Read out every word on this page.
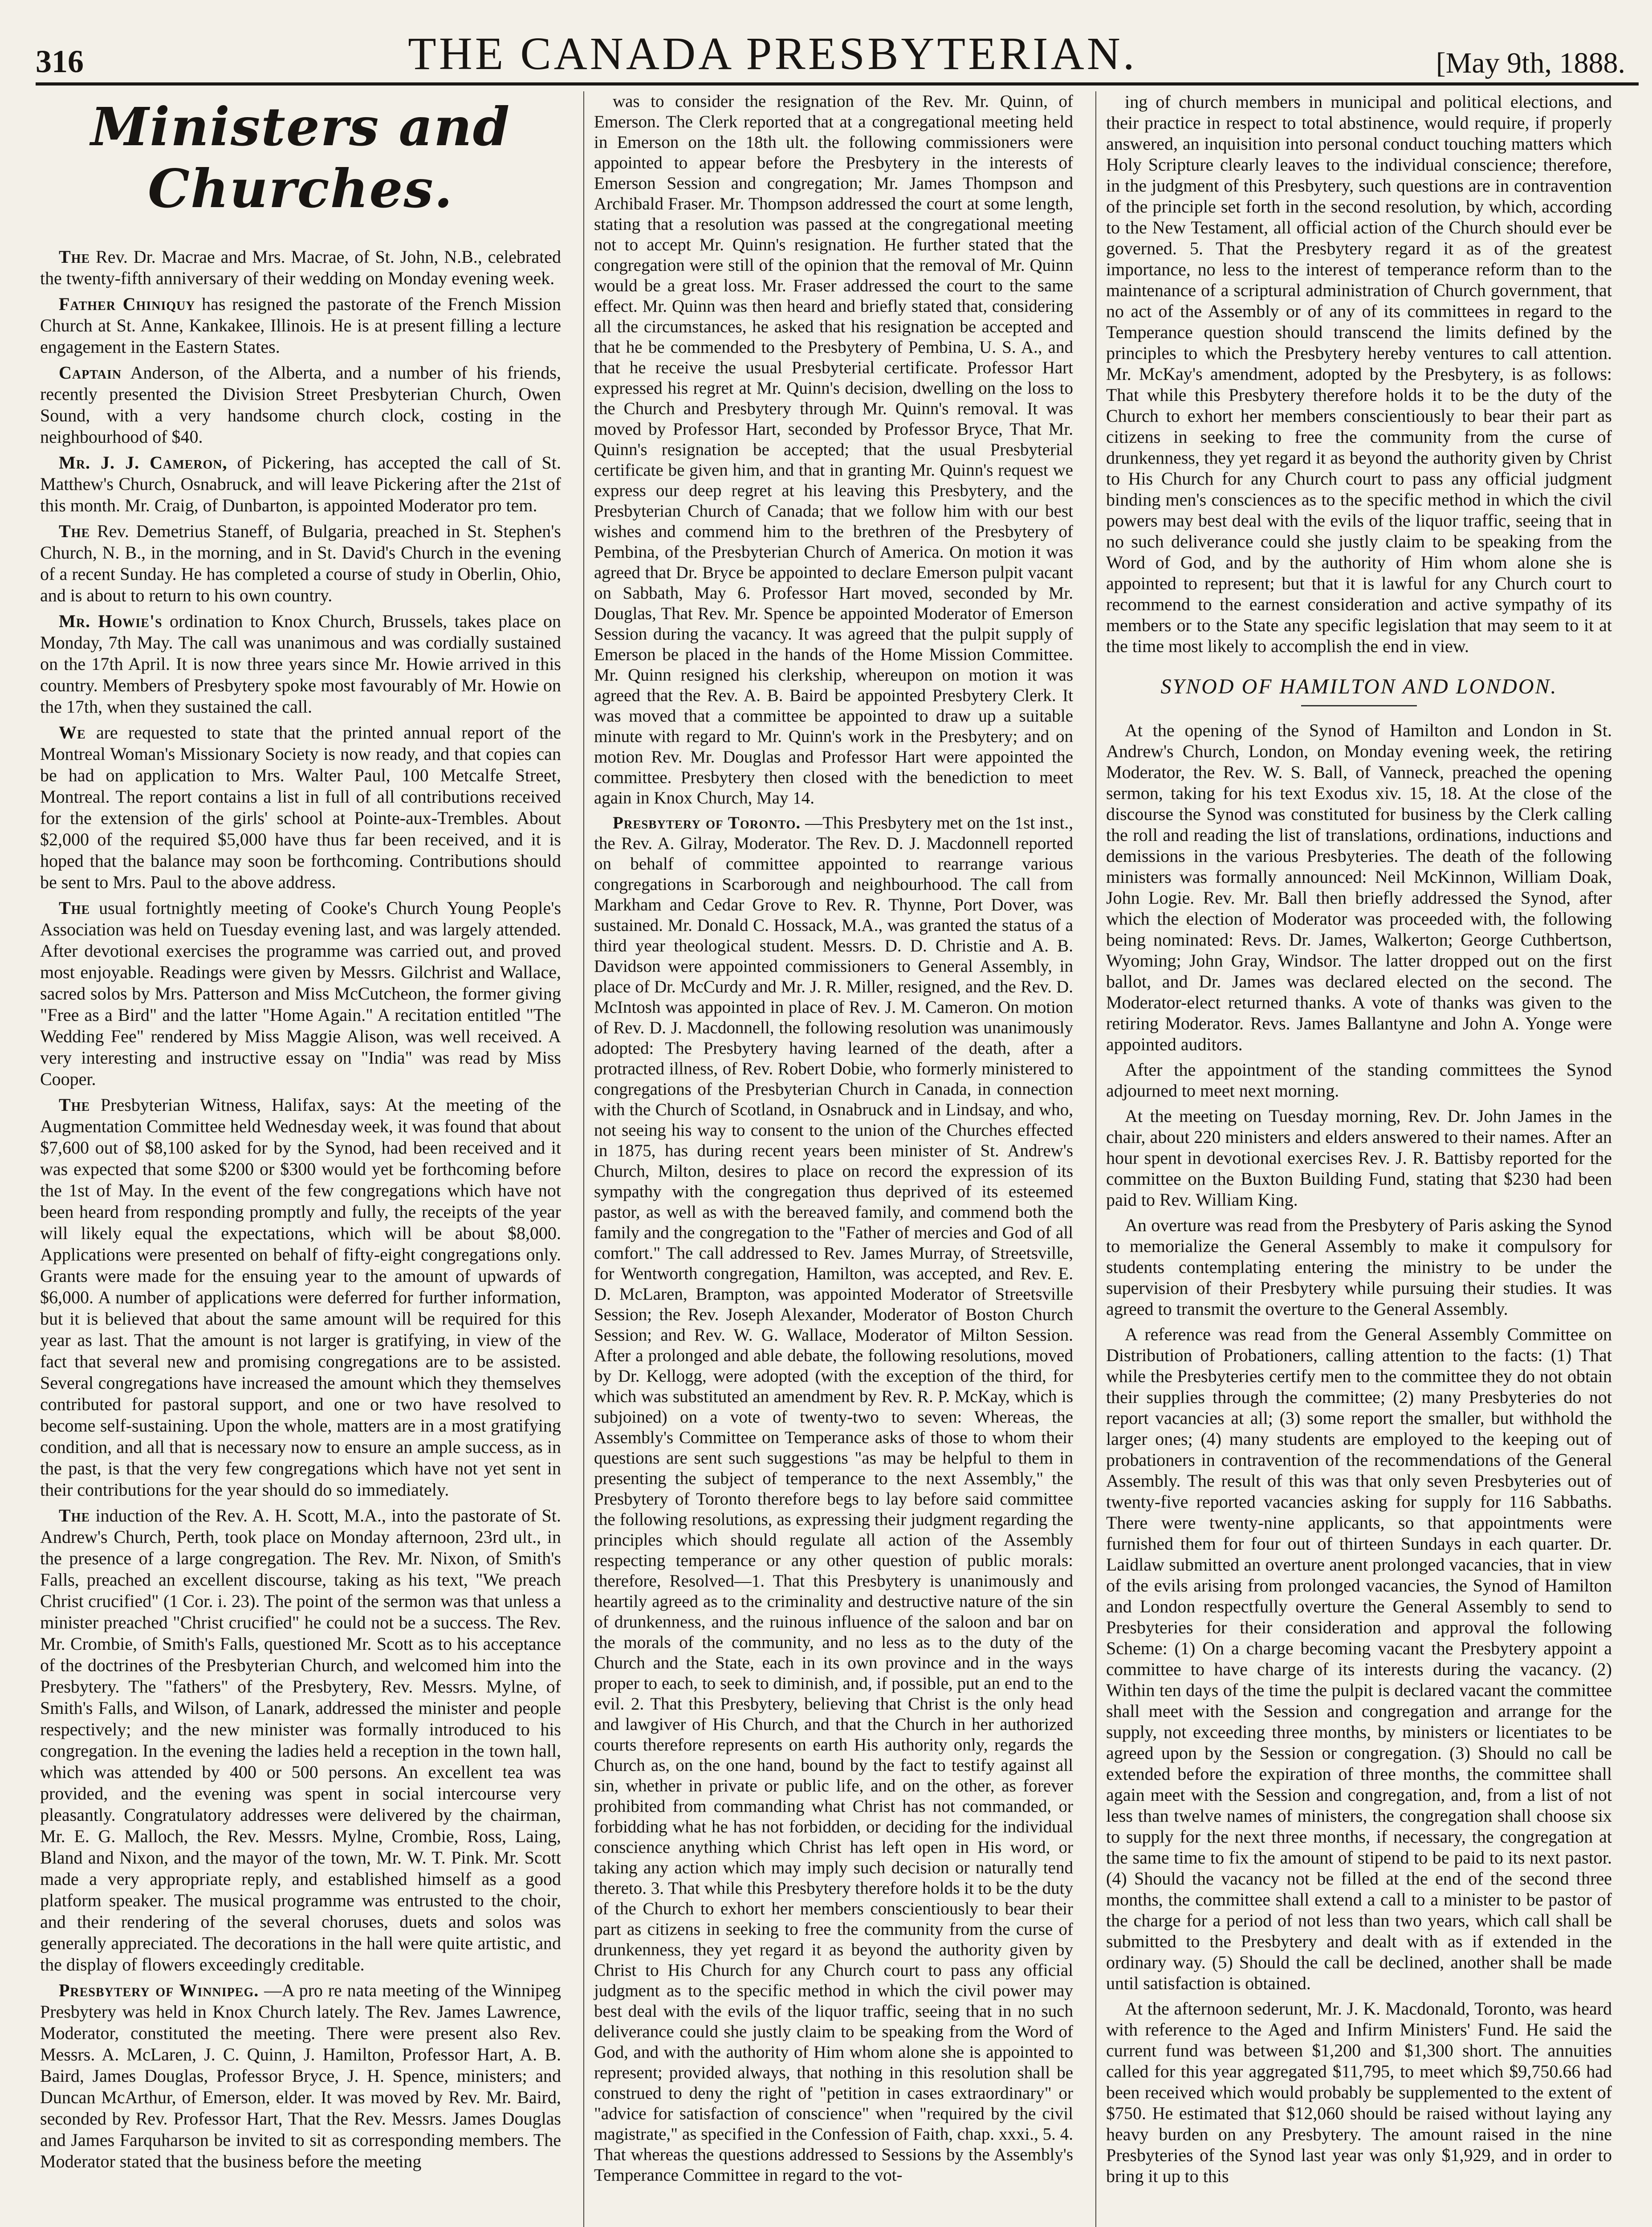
316	THE CANADA PRESBYTERIAN.	[May 9th, 1888.
Ministers and Churches.

The Rev. Dr. Macrae and Mrs. Macrae, of St. John, N.B., celebrated the twenty-fifth anniversary of their wedding on Monday evening week.

Father Chiniquy has resigned the pastorate of the French Mission Church at St. Anne, Kankakee, Illinois. He is at present filling a lecture engagement in the Eastern States.

Captain Anderson, of the Alberta, and a number of his friends, recently presented the Division Street Presbyterian Church, Owen Sound, with a very handsome church clock, costing in the neighbourhood of $40.

Mr. J. J. Cameron, of Pickering, has accepted the call of St. Matthew's Church, Osnabruck, and will leave Pickering after the 21st of this month. Mr. Craig, of Dunbarton, is appointed Moderator pro tem.

The Rev. Demetrius Staneff, of Bulgaria, preached in St. Stephen's Church, N. B., in the morning, and in St. David's Church in the evening of a recent Sunday. He has completed a course of study in Oberlin, Ohio, and is about to return to his own country.

Mr. Howie's ordination to Knox Church, Brussels, takes place on Monday, 7th May. The call was unanimous and was cordially sustained on the 17th April. It is now three years since Mr. Howie arrived in this country. Members of Presbytery spoke most favourably of Mr. Howie on the 17th, when they sustained the call.

We are requested to state that the printed annual report of the Montreal Woman's Missionary Society is now ready, and that copies can be had on application to Mrs. Walter Paul, 100 Metcalfe Street, Montreal. The report contains a list in full of all contributions received for the extension of the girls' school at Pointe-aux-Trembles. About $2,000 of the required $5,000 have thus far been received, and it is hoped that the balance may soon be forthcoming. Contributions should be sent to Mrs. Paul to the above address.

The usual fortnightly meeting of Cooke's Church Young People's Association was held on Tuesday evening last, and was largely attended. After devotional exercises the programme was carried out, and proved most enjoyable. Readings were given by Messrs. Gilchrist and Wallace, sacred solos by Mrs. Patterson and Miss McCutcheon, the former giving "Free as a Bird" and the latter "Home Again." A recitation entitled "The Wedding Fee" rendered by Miss Maggie Alison, was well received. A very interesting and instructive essay on "India" was read by Miss Cooper.

The Presbyterian Witness, Halifax, says: At the meeting of the Augmentation Committee held Wednesday week, it was found that about $7,600 out of $8,100 asked for by the Synod, had been received and it was expected that some $200 or $300 would yet be forthcoming before the 1st of May. In the event of the few congregations which have not been heard from responding promptly and fully, the receipts of the year will likely equal the expectations, which will be about $8,000. Applications were presented on behalf of fifty-eight congregations only. Grants were made for the ensuing year to the amount of upwards of $6,000. A number of applications were deferred for further information, but it is believed that about the same amount will be required for this year as last. That the amount is not larger is gratifying, in view of the fact that several new and promising congregations are to be assisted. Several congregations have increased the amount which they themselves contributed for pastoral support, and one or two have resolved to become self-sustaining. Upon the whole, matters are in a most gratifying condition, and all that is necessary now to ensure an ample success, as in the past, is that the very few congregations which have not yet sent in their contributions for the year should do so immediately.

The induction of the Rev. A. H. Scott, M.A., into the pastorate of St. Andrew's Church, Perth, took place on Monday afternoon, 23rd ult., in the presence of a large congregation. The Rev. Mr. Nixon, of Smith's Falls, preached an excellent discourse, taking as his text, "We preach Christ crucified" (1 Cor. i. 23). The point of the sermon was that unless a minister preached "Christ crucified" he could not be a success. The Rev. Mr. Crombie, of Smith's Falls, questioned Mr. Scott as to his acceptance of the doctrines of the Presbyterian Church, and welcomed him into the Presbytery. The "fathers" of the Presbytery, Rev. Messrs. Mylne, of Smith's Falls, and Wilson, of Lanark, addressed the minister and people respectively; and the new minister was formally introduced to his congregation. In the evening the ladies held a reception in the town hall, which was attended by 400 or 500 persons. An excellent tea was provided, and the evening was spent in social intercourse very pleasantly. Congratulatory addresses were delivered by the chairman, Mr. E. G. Malloch, the Rev. Messrs. Mylne, Crombie, Ross, Laing, Bland and Nixon, and the mayor of the town, Mr. W. T. Pink. Mr. Scott made a very appropriate reply, and established himself as a good platform speaker. The musical programme was entrusted to the choir, and their rendering of the several choruses, duets and solos was generally appreciated. The decorations in the hall were quite artistic, and the display of flowers exceedingly creditable.

Presbytery of Winnipeg. —A pro re nata meeting of the Winnipeg Presbytery was held in Knox Church lately. The Rev. James Lawrence, Moderator, constituted the meeting. There were present also Rev. Messrs. A. McLaren, J. C. Quinn, J. Hamilton, Professor Hart, A. B. Baird, James Douglas, Professor Bryce, J. H. Spence, ministers; and Duncan McArthur, of Emerson, elder. It was moved by Rev. Mr. Baird, seconded by Rev. Professor Hart, That the Rev. Messrs. James Douglas and James Farquharson be invited to sit as corresponding members. The Moderator stated that the business before the meeting

was to consider the resignation of the Rev. Mr. Quinn, of Emerson. The Clerk reported that at a congregational meeting held in Emerson on the 18th ult. the following commissioners were appointed to appear before the Presbytery in the interests of Emerson Session and congregation; Mr. James Thompson and Archibald Fraser. Mr. Thompson addressed the court at some length, stating that a resolution was passed at the congregational meeting not to accept Mr. Quinn's resignation. He further stated that the congregation were still of the opinion that the removal of Mr. Quinn would be a great loss. Mr. Fraser addressed the court to the same effect. Mr. Quinn was then heard and briefly stated that, considering all the circumstances, he asked that his resignation be accepted and that he be commended to the Presbytery of Pembina, U. S. A., and that he receive the usual Presbyterial certificate. Professor Hart expressed his regret at Mr. Quinn's decision, dwelling on the loss to the Church and Presbytery through Mr. Quinn's removal. It was moved by Professor Hart, seconded by Professor Bryce, That Mr. Quinn's resignation be accepted; that the usual Presbyterial certificate be given him, and that in granting Mr. Quinn's request we express our deep regret at his leaving this Presbytery, and the Presbyterian Church of Canada; that we follow him with our best wishes and commend him to the brethren of the Presbytery of Pembina, of the Presbyterian Church of America. On motion it was agreed that Dr. Bryce be appointed to declare Emerson pulpit vacant on Sabbath, May 6. Professor Hart moved, seconded by Mr. Douglas, That Rev. Mr. Spence be appointed Moderator of Emerson Session during the vacancy. It was agreed that the pulpit supply of Emerson be placed in the hands of the Home Mission Committee. Mr. Quinn resigned his clerkship, whereupon on motion it was agreed that the Rev. A. B. Baird be appointed Presbytery Clerk. It was moved that a committee be appointed to draw up a suitable minute with regard to Mr. Quinn's work in the Presbytery; and on motion Rev. Mr. Douglas and Professor Hart were appointed the committee. Presbytery then closed with the benediction to meet again in Knox Church, May 14.

Presbytery of Toronto. —This Presbytery met on the 1st inst., the Rev. A. Gilray, Moderator. The Rev. D. J. Macdonnell reported on behalf of committee appointed to rearrange various congregations in Scarborough and neighbourhood. The call from Markham and Cedar Grove to Rev. R. Thynne, Port Dover, was sustained. Mr. Donald C. Hossack, M.A., was granted the status of a third year theological student. Messrs. D. D. Christie and A. B. Davidson were appointed commissioners to General Assembly, in place of Dr. McCurdy and Mr. J. R. Miller, resigned, and the Rev. D. McIntosh was appointed in place of Rev. J. M. Cameron. On motion of Rev. D. J. Macdonnell, the following resolution was unanimously adopted: The Presbytery having learned of the death, after a protracted illness, of Rev. Robert Dobie, who formerly ministered to congregations of the Presbyterian Church in Canada, in connection with the Church of Scotland, in Osnabruck and in Lindsay, and who, not seeing his way to consent to the union of the Churches effected in 1875, has during recent years been minister of St. Andrew's Church, Milton, desires to place on record the expression of its sympathy with the congregation thus deprived of its esteemed pastor, as well as with the bereaved family, and commend both the family and the congregation to the "Father of mercies and God of all comfort." The call addressed to Rev. James Murray, of Streetsville, for Wentworth congregation, Hamilton, was accepted, and Rev. E. D. McLaren, Brampton, was appointed Moderator of Streetsville Session; the Rev. Joseph Alexander, Moderator of Boston Church Session; and Rev. W. G. Wallace, Moderator of Milton Session. After a prolonged and able debate, the following resolutions, moved by Dr. Kellogg, were adopted (with the exception of the third, for which was substituted an amendment by Rev. R. P. McKay, which is subjoined) on a vote of twenty-two to seven: Whereas, the Assembly's Committee on Temperance asks of those to whom their questions are sent such suggestions "as may be helpful to them in presenting the subject of temperance to the next Assembly," the Presbytery of Toronto therefore begs to lay before said committee the following resolutions, as expressing their judgment regarding the principles which should regulate all action of the Assembly respecting temperance or any other question of public morals: therefore, Resolved—1. That this Presbytery is unanimously and heartily agreed as to the criminality and destructive nature of the sin of drunkenness, and the ruinous influence of the saloon and bar on the morals of the community, and no less as to the duty of the Church and the State, each in its own province and in the ways proper to each, to seek to diminish, and, if possible, put an end to the evil. 2. That this Presbytery, believing that Christ is the only head and lawgiver of His Church, and that the Church in her authorized courts therefore represents on earth His authority only, regards the Church as, on the one hand, bound by the fact to testify against all sin, whether in private or public life, and on the other, as forever prohibited from commanding what Christ has not commanded, or forbidding what he has not forbidden, or deciding for the individual conscience anything which Christ has left open in His word, or taking any action which may imply such decision or naturally tend thereto. 3. That while this Presbytery therefore holds it to be the duty of the Church to exhort her members conscientiously to bear their part as citizens in seeking to free the community from the curse of drunkenness, they yet regard it as beyond the authority given by Christ to His Church for any Church court to pass any official judgment as to the specific method in which the civil power may best deal with the evils of the liquor traffic, seeing that in no such deliverance could she justly claim to be speaking from the Word of God, and with the authority of Him whom alone she is appointed to represent; provided always, that nothing in this resolution shall be construed to deny the right of "petition in cases extraordinary" or "advice for satisfaction of conscience" when "required by the civil magistrate," as specified in the Confession of Faith, chap. xxxi., 5. 4. That whereas the questions addressed to Sessions by the Assembly's Temperance Committee in regard to the vot-

ing of church members in municipal and political elections, and their practice in respect to total abstinence, would require, if properly answered, an inquisition into personal conduct touching matters which Holy Scripture clearly leaves to the individual conscience; therefore, in the judgment of this Presbytery, such questions are in contravention of the principle set forth in the second resolution, by which, according to the New Testament, all official action of the Church should ever be governed. 5. That the Presbytery regard it as of the greatest importance, no less to the interest of temperance reform than to the maintenance of a scriptural administration of Church government, that no act of the Assembly or of any of its committees in regard to the Temperance question should transcend the limits defined by the principles to which the Presbytery hereby ventures to call attention. Mr. McKay's amendment, adopted by the Presbytery, is as follows: That while this Presbytery therefore holds it to be the duty of the Church to exhort her members conscientiously to bear their part as citizens in seeking to free the community from the curse of drunkenness, they yet regard it as beyond the authority given by Christ to His Church for any Church court to pass any official judgment binding men's consciences as to the specific method in which the civil powers may best deal with the evils of the liquor traffic, seeing that in no such deliverance could she justly claim to be speaking from the Word of God, and by the authority of Him whom alone she is appointed to represent; but that it is lawful for any Church court to recommend to the earnest consideration and active sympathy of its members or to the State any specific legislation that may seem to it at the time most likely to accomplish the end in view.

SYNOD OF HAMILTON AND LONDON.

At the opening of the Synod of Hamilton and London in St. Andrew's Church, London, on Monday evening week, the retiring Moderator, the Rev. W. S. Ball, of Vanneck, preached the opening sermon, taking for his text Exodus xiv. 15, 18. At the close of the discourse the Synod was constituted for business by the Clerk calling the roll and reading the list of translations, ordinations, inductions and demissions in the various Presbyteries. The death of the following ministers was formally announced: Neil McKinnon, William Doak, John Logie. Rev. Mr. Ball then briefly addressed the Synod, after which the election of Moderator was proceeded with, the following being nominated: Revs. Dr. James, Walkerton; George Cuthbertson, Wyoming; John Gray, Windsor. The latter dropped out on the first ballot, and Dr. James was declared elected on the second. The Moderator-elect returned thanks. A vote of thanks was given to the retiring Moderator. Revs. James Ballantyne and John A. Yonge were appointed auditors.

After the appointment of the standing committees the Synod adjourned to meet next morning.

At the meeting on Tuesday morning, Rev. Dr. John James in the chair, about 220 ministers and elders answered to their names. After an hour spent in devotional exercises Rev. J. R. Battisby reported for the committee on the Buxton Building Fund, stating that $230 had been paid to Rev. William King.

An overture was read from the Presbytery of Paris asking the Synod to memorialize the General Assembly to make it compulsory for students contemplating entering the ministry to be under the supervision of their Presbytery while pursuing their studies. It was agreed to transmit the overture to the General Assembly.

A reference was read from the General Assembly Committee on Distribution of Probationers, calling attention to the facts: (1) That while the Presbyteries certify men to the committee they do not obtain their supplies through the committee; (2) many Presbyteries do not report vacancies at all; (3) some report the smaller, but withhold the larger ones; (4) many students are employed to the keeping out of probationers in contravention of the recommendations of the General Assembly. The result of this was that only seven Presbyteries out of twenty-five reported vacancies asking for supply for 116 Sabbaths. There were twenty-nine applicants, so that appointments were furnished them for four out of thirteen Sundays in each quarter. Dr. Laidlaw submitted an overture anent prolonged vacancies, that in view of the evils arising from prolonged vacancies, the Synod of Hamilton and London respectfully overture the General Assembly to send to Presbyteries for their consideration and approval the following Scheme: (1) On a charge becoming vacant the Presbytery appoint a committee to have charge of its interests during the vacancy. (2) Within ten days of the time the pulpit is declared vacant the committee shall meet with the Session and congregation and arrange for the supply, not exceeding three months, by ministers or licentiates to be agreed upon by the Session or congregation. (3) Should no call be extended before the expiration of three months, the committee shall again meet with the Session and congregation, and, from a list of not less than twelve names of ministers, the congregation shall choose six to supply for the next three months, if necessary, the congregation at the same time to fix the amount of stipend to be paid to its next pastor. (4) Should the vacancy not be filled at the end of the second three months, the committee shall extend a call to a minister to be pastor of the charge for a period of not less than two years, which call shall be submitted to the Presbytery and dealt with as if extended in the ordinary way. (5) Should the call be declined, another shall be made until satisfaction is obtained.

At the afternoon sederunt, Mr. J. K. Macdonald, Toronto, was heard with reference to the Aged and Infirm Ministers' Fund. He said the current fund was between $1,200 and $1,300 short. The annuities called for this year aggregated $11,795, to meet which $9,750.66 had been received which would probably be supplemented to the extent of $750. He estimated that $12,060 should be raised without laying any heavy burden on any Presbytery. The amount raised in the nine Presbyteries of the Synod last year was only $1,929, and in order to bring it up to this
